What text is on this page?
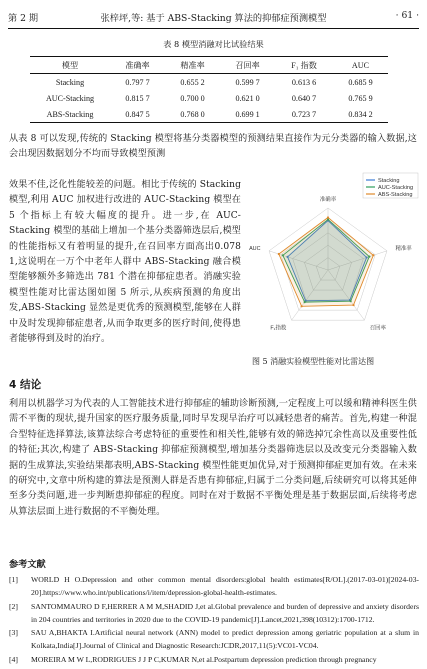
第 2 期	张梓坪,等: 基于 ABS-Stacking 算法的抑郁症预测模型	· 61 ·
表 8 模型消融对比试验结果
模型	准确率	精准率	召回率	F₁ 指数	AUC
Stacking	0.797 7	0.655 2	0.599 7	0.613 6	0.685 9
AUC-Stacking	0.815 7	0.700 0	0.621 0	0.640 7	0.765 9
ABS-Stacking	0.847 5	0.768 0	0.699 1	0.723 7	0.834 2
从表 8 可以发现,传统的 Stacking 模型将基分类器模型的预测结果直接作为元分类器的输入数据,这会出现因数据划分不均而导致模型预测
效果不佳,泛化性能较差的问题。相比于传统的 Stacking 模型,利用 AUC 加权进行改进的 AUC-Stacking 模型在 5 个指标上有较大幅度的提升。进一步,在 AUC-Stacking 模型的基础上增加一个基分类器筛选层后,模型的性能指标又有着明显的提升,在召回率方面高出0.078 1,这说明在一万个中老年人群中 ABS-Stacking 融合模型能够额外多筛选出 781 个潜在抑郁症患者。消融实验模型性能对比雷达图如图 5 所示,从疾病预测的角度出发,ABS-Stacking 显然是更优秀的预测模型,能够在人群中及时发现抑郁症患者,从而争取更多的医疗时间,使得患者能够得到及时的治疗。
准确率
精准率
召回率
F₁指数
AUC
Stacking
AUC-Stacking
ABS-Stacking
图 5 消融实验模型性能对比雷达图
4 结论
利用以机器学习为代表的人工智能技术进行抑郁症的辅助诊断预测,一定程度上可以缓和精神科医生供需不平衡的现状,提升国家的医疗服务质量,同时早发现早治疗可以减轻患者的痛苦。首先,构建一种混合型特征选择算法,该算法综合考虑特征的重要性和相关性,能够有效的筛选掉冗余性高以及重要性低的特征;其次,构建了 ABS-Stacking 抑郁症预测模型,增加基分类器筛选层以及改变元分类器输入数据的生成算法,实验结果都表明,ABS-Stacking 模型性能更加优异,对于预测抑郁症更加有效。在未来的研究中,文章中所构建的算法是预测人群是否患有抑郁症,归属于二分类问题,后续研究可以将其延伸至多分类问题,进一步判断患抑郁症的程度。同时在对于数据不平衡处理是基于数据层面,后续将考虑从算法层面上进行数据的不平衡处理。
参考文献
[1] WORLD H O.Depression and other common mental disorders:global health estimates[R/OL].(2017-03-01)[2024-03-20].https://www.who.int/publications/i/item/depression-global-health-estimates.
[2] SANTOMMAURO D F,HERRER A M M,SHADID J,et al.Global prevalence and burden of depressive and anxiety disorders in 204 countries and territories in 2020 due to the COVID-19 pandemic[J].Lancet,2021,398(10312):1700-1712.
[3] SAU A,BHAKTA I.Artificial neural network (ANN) model to predict depression among geriatric population at a slum in Kolkata,India[J].Journal of Clinical and Diagnostic Research:JCDR,2017,11(5):VC01-VC04.
[4] MOREIRA M W L,RODRIGUES J J P C,KUMAR N,et al.Postpartum depression prediction through pregnancy
